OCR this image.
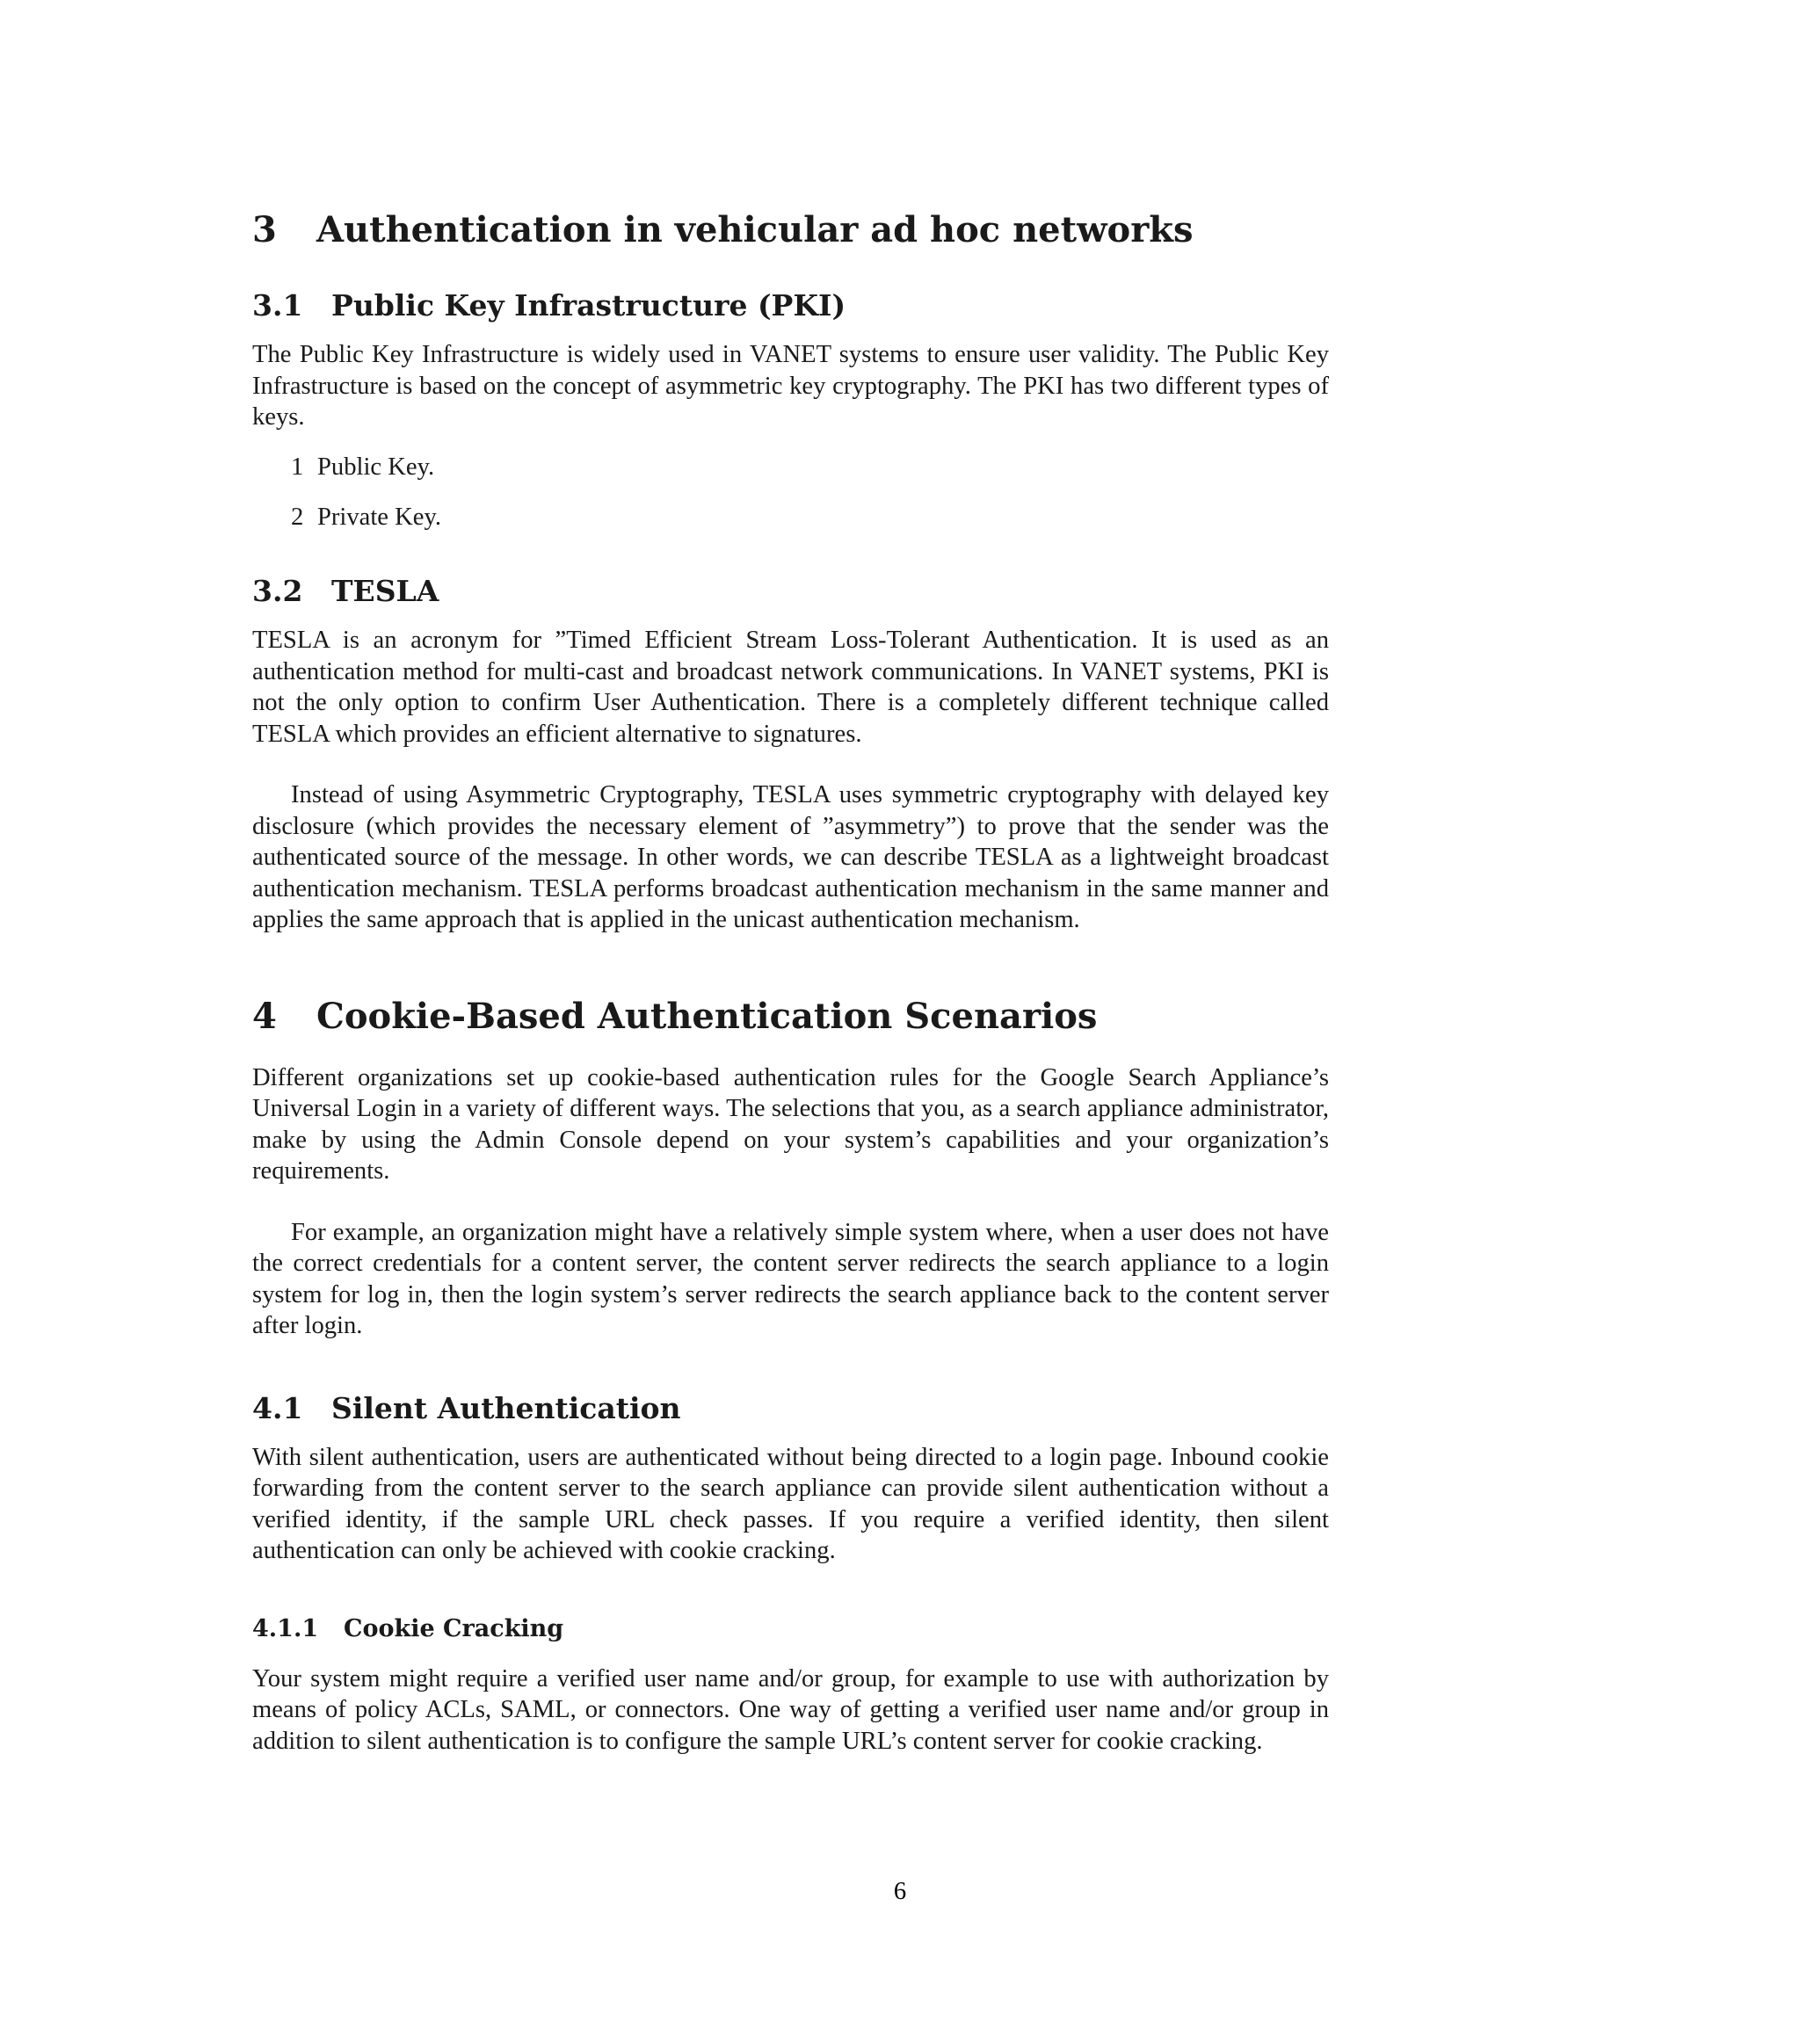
3 Authentication in vehicular ad hoc networks
3.1 Public Key Infrastructure (PKI)

The Public Key Infrastructure is widely used in VANET systems to ensure user validity. The Public Key Infrastructure is based on the concept of asymmetric key cryptography. The PKI has two different types of keys.

1 Public Key.
2 Private Key.
3.2 TESLA

TESLA is an acronym for ”Timed Efficient Stream Loss-Tolerant Authentication. It is used as an authentication method for multi-cast and broadcast network communications. In VANET systems, PKI is not the only option to confirm User Authentication. There is a completely different technique called TESLA which provides an efficient alternative to signatures.

Instead of using Asymmetric Cryptography, TESLA uses symmetric cryptography with delayed key disclosure (which provides the necessary element of ”asymmetry”) to prove that the sender was the authenticated source of the message. In other words, we can describe TESLA as a lightweight broadcast authentication mechanism. TESLA performs broadcast authentication mechanism in the same manner and applies the same approach that is applied in the unicast authentication mechanism.

4 Cookie-Based Authentication Scenarios

Different organizations set up cookie-based authentication rules for the Google Search Appliance’s Universal Login in a variety of different ways. The selections that you, as a search appliance administrator, make by using the Admin Console depend on your system’s capabilities and your organization’s requirements.

For example, an organization might have a relatively simple system where, when a user does not have the correct credentials for a content server, the content server redirects the search appliance to a login system for log in, then the login system’s server redirects the search appliance back to the content server after login.

4.1 Silent Authentication

With silent authentication, users are authenticated without being directed to a login page. Inbound cookie forwarding from the content server to the search appliance can provide silent authentication without a verified identity, if the sample URL check passes. If you require a verified identity, then silent authentication can only be achieved with cookie cracking.

4.1.1 Cookie Cracking

Your system might require a verified user name and/or group, for example to use with authorization by means of policy ACLs, SAML, or connectors. One way of getting a verified user name and/or group in addition to silent authentication is to configure the sample URL’s content server for cookie cracking.

6
